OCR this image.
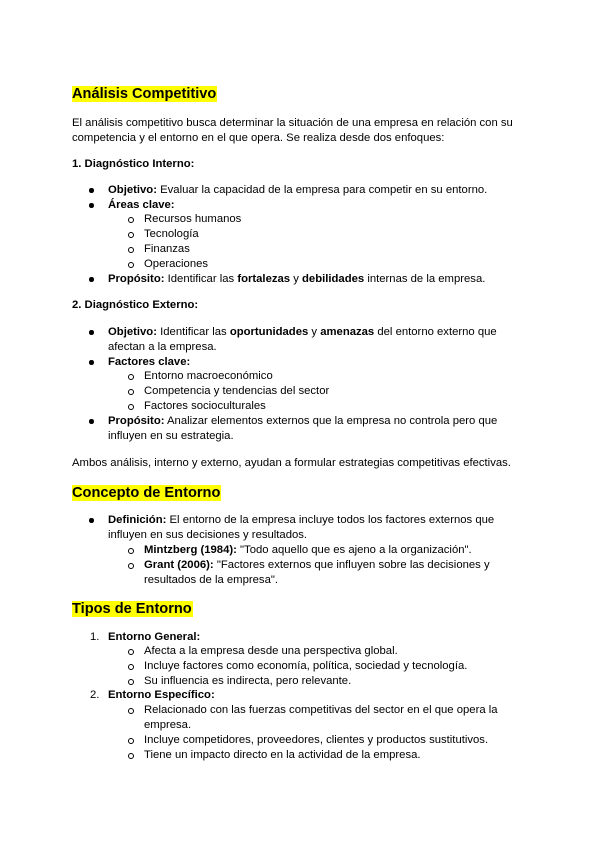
Análisis Competitivo
El análisis competitivo busca determinar la situación de una empresa en relación con su
competencia y el entorno en el que opera. Se realiza desde dos enfoques:
1. Diagnóstico Interno:
Objetivo: Evaluar la capacidad de la empresa para competir en su entorno.
Áreas clave:
Recursos humanos
Tecnología
Finanzas
Operaciones
Propósito: Identificar las fortalezas y debilidades internas de la empresa.
2. Diagnóstico Externo:
Objetivo: Identificar las oportunidades y amenazas del entorno externo que
afectan a la empresa.
Factores clave:
Entorno macroeconómico
Competencia y tendencias del sector
Factores socioculturales
Propósito: Analizar elementos externos que la empresa no controla pero que
influyen en su estrategia.
Ambos análisis, interno y externo, ayudan a formular estrategias competitivas efectivas.
Concepto de Entorno
Definición: El entorno de la empresa incluye todos los factores externos que
influyen en sus decisiones y resultados.
Mintzberg (1984): "Todo aquello que es ajeno a la organización".
Grant (2006): "Factores externos que influyen sobre las decisiones y
resultados de la empresa".
Tipos de Entorno
1. Entorno General:
Afecta a la empresa desde una perspectiva global.
Incluye factores como economía, política, sociedad y tecnología.
Su influencia es indirecta, pero relevante.
2. Entorno Específico:
Relacionado con las fuerzas competitivas del sector en el que opera la
empresa.
Incluye competidores, proveedores, clientes y productos sustitutivos.
Tiene un impacto directo en la actividad de la empresa.
